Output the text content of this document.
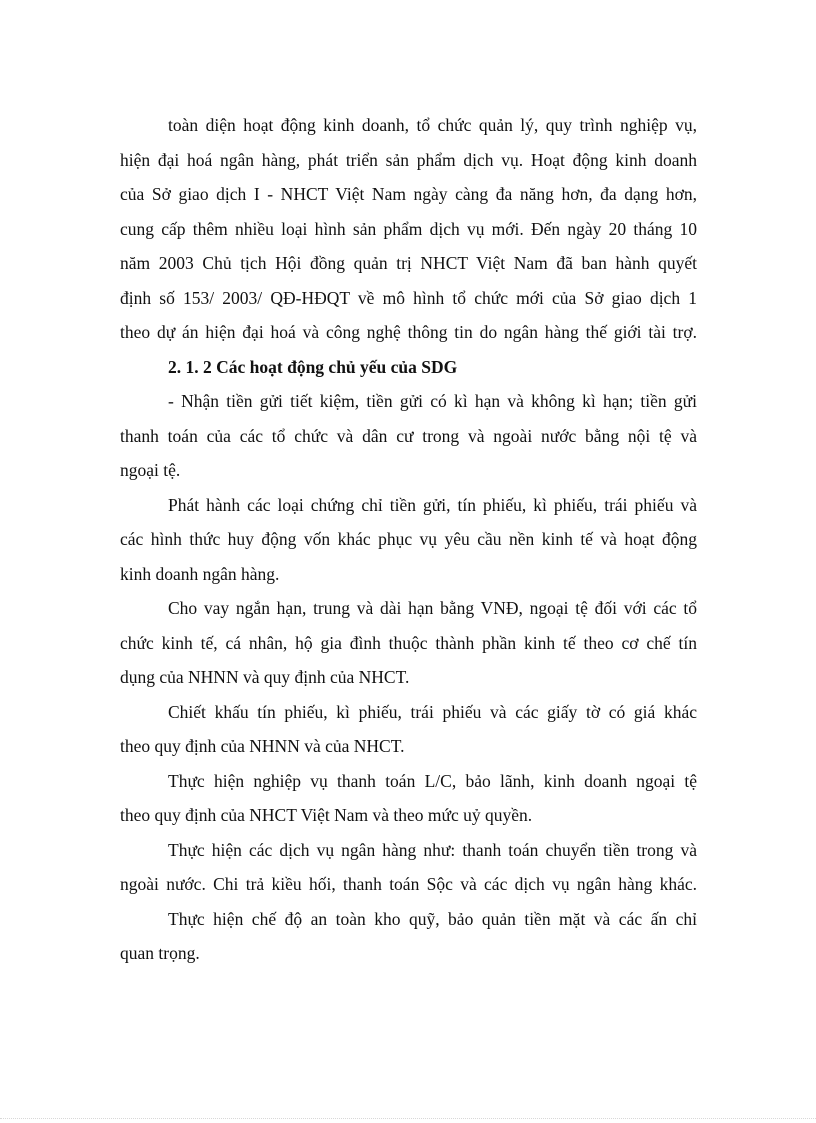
toàn diện hoạt động kinh doanh, tổ chức quản lý, quy trình nghiệp vụ,
hiện đại hoá ngân hàng, phát triển sản phẩm dịch vụ. Hoạt động kinh doanh
của Sở giao dịch I - NHCT Việt Nam ngày càng đa năng hơn, đa dạng hơn,
cung cấp thêm nhiều loại hình sản phẩm dịch vụ mới. Đến ngày 20 tháng 10
năm 2003 Chủ tịch Hội đồng quản trị NHCT Việt Nam đã ban hành quyết
định số 153/ 2003/ QĐ-HĐQT về mô hình tổ chức mới của Sở giao dịch 1
theo dự án hiện đại hoá và công nghệ thông tin do ngân hàng thế giới tài trợ.
2. 1. 2 Các hoạt động chủ yếu của SDG
- Nhận tiền gửi tiết kiệm, tiền gửi có kì hạn và không kì hạn; tiền gửi
thanh toán của các tổ chức và dân cư trong và ngoài nước bằng nội tệ và
ngoại tệ.
Phát hành các loại chứng chỉ tiền gửi, tín phiếu, kì phiếu, trái phiếu và
các hình thức huy động vốn khác phục vụ yêu cầu nền kinh tế và hoạt động
kinh doanh ngân hàng.
Cho vay ngắn hạn, trung và dài hạn bằng VNĐ, ngoại tệ đối với các tổ
chức kinh tế, cá nhân, hộ gia đình thuộc thành phần kinh tế theo cơ chế tín
dụng của NHNN và quy định của NHCT.
Chiết khấu tín phiếu, kì phiếu, trái phiếu và các giấy tờ có giá khác
theo quy định của NHNN và của NHCT.
Thực hiện nghiệp vụ thanh toán L/C, bảo lãnh, kinh doanh ngoại tệ
theo quy định của NHCT Việt Nam và theo mức uỷ quyền.
Thực hiện các dịch vụ ngân hàng như: thanh toán chuyển tiền trong và
ngoài nước. Chi trả kiều hối, thanh toán Sộc và các dịch vụ ngân hàng khác.
Thực hiện chế độ an toàn kho quỹ, bảo quản tiền mặt và các ấn chỉ
quan trọng.
